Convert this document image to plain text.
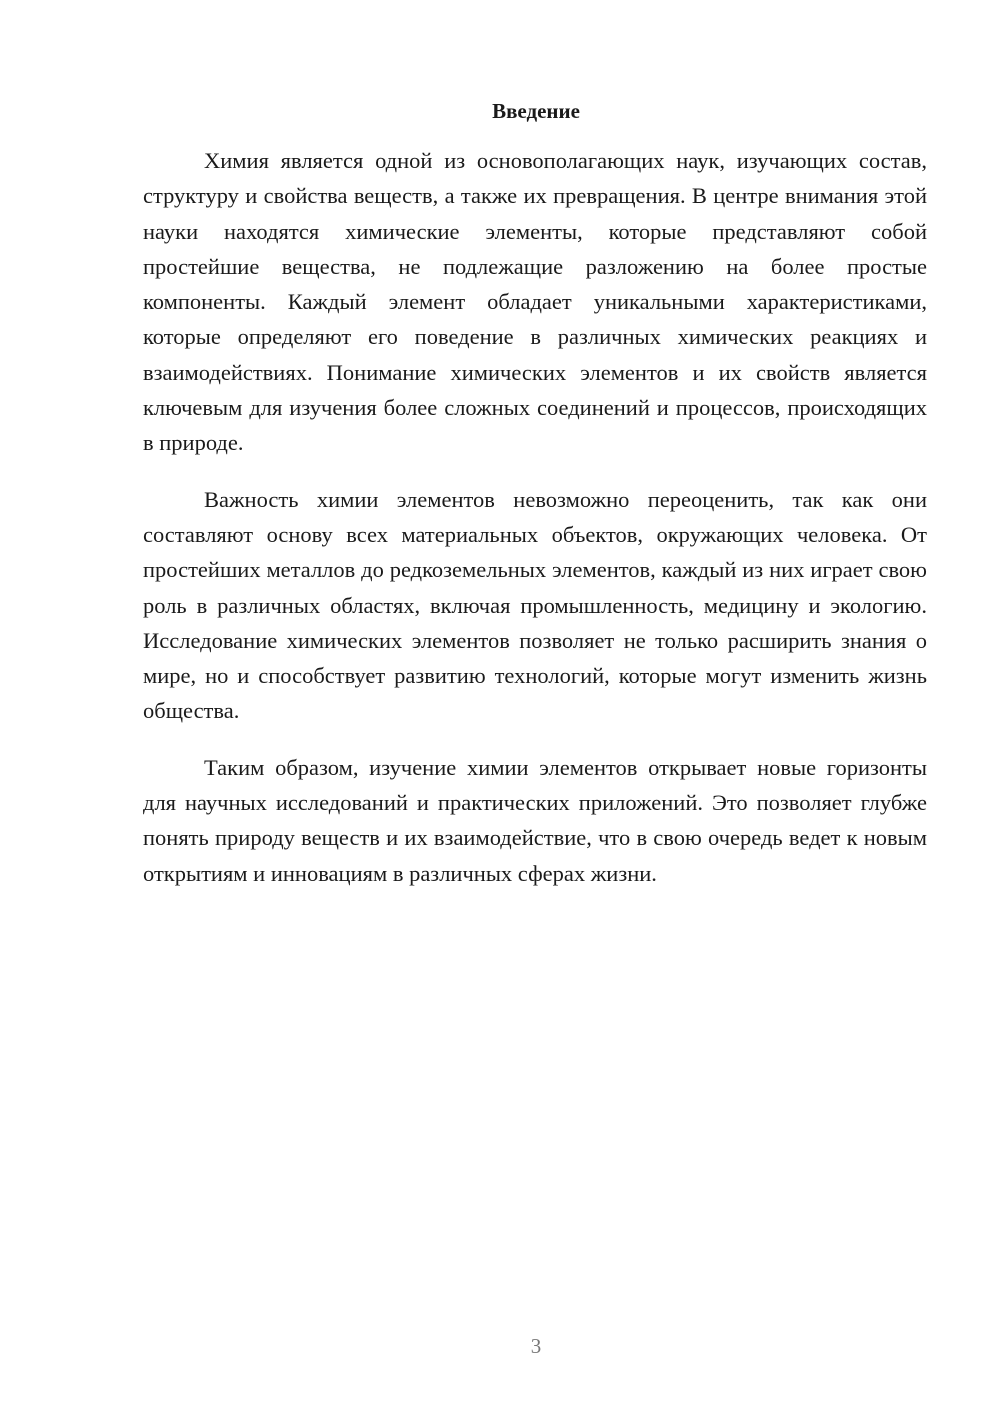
Введение

Химия является одной из основополагающих наук, изучающих состав, структуру и свойства веществ, а также их превращения. В центре внимания этой науки находятся химические элементы, которые представляют собой простейшие вещества, не подлежащие разложению на более простые компоненты. Каждый элемент обладает уникальными характеристиками, которые определяют его поведение в различных химических реакциях и взаимодействиях. Понимание химических элементов и их свойств является ключевым для изучения более сложных соединений и процессов, происходящих в природе.

Важность химии элементов невозможно переоценить, так как они составляют основу всех материальных объектов, окружающих человека. От простейших металлов до редкоземельных элементов, каждый из них играет свою роль в различных областях, включая промышленность, медицину и экологию. Исследование химических элементов позволяет не только расширить знания о мире, но и способствует развитию технологий, которые могут изменить жизнь общества.

Таким образом, изучение химии элементов открывает новые горизонты для научных исследований и практических приложений. Это позволяет глубже понять природу веществ и их взаимодействие, что в свою очередь ведет к новым открытиям и инновациям в различных сферах жизни.

3
